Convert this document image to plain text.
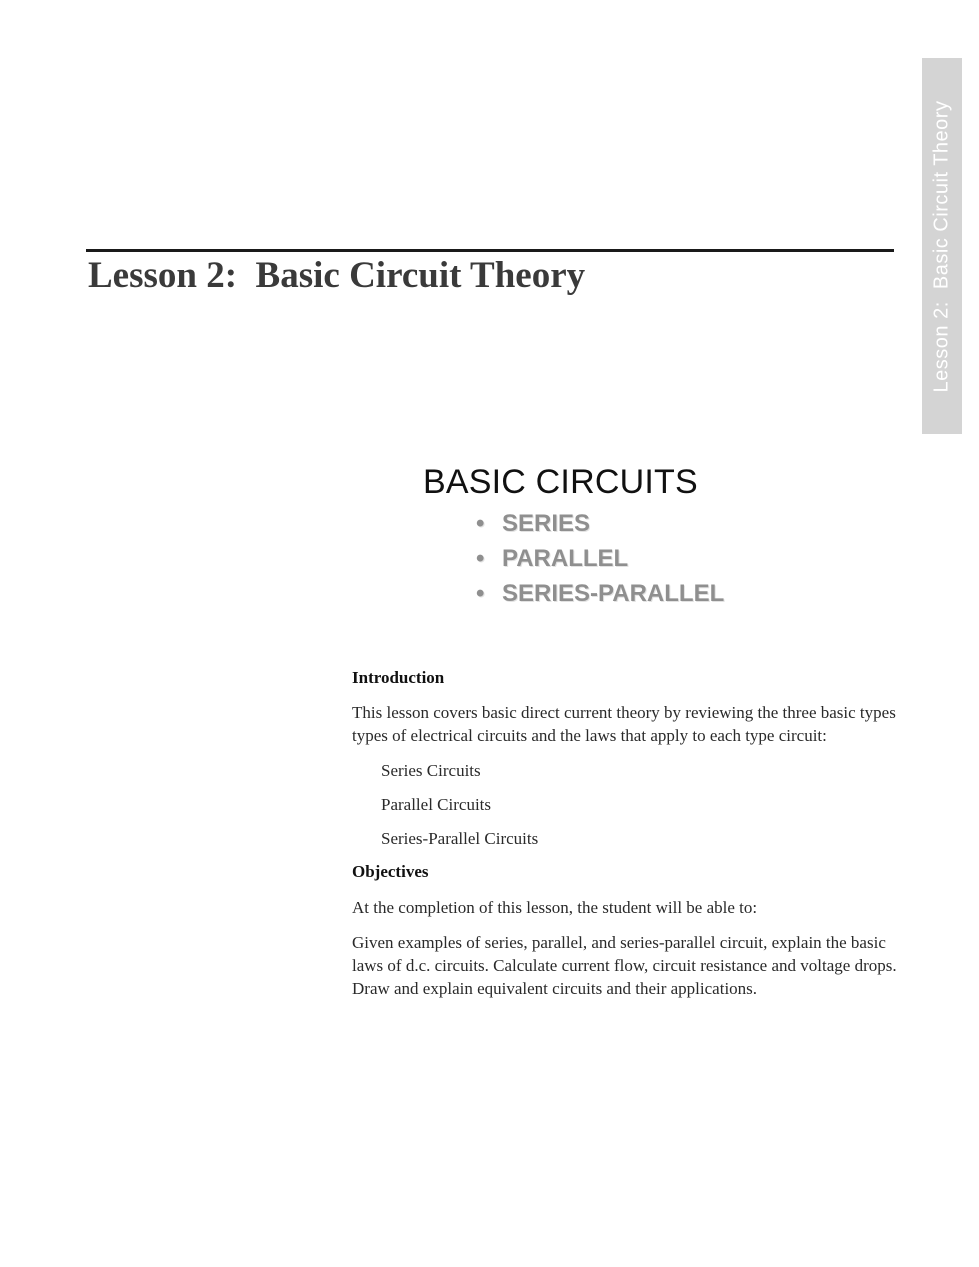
Lesson 2:  Basic Circuit Theory
Lesson 2:  Basic Circuit Theory
BASIC CIRCUITS
• SERIES
• PARALLEL
• SERIES-PARALLEL

Introduction

This lesson covers basic direct current theory by reviewing the three basic types types of electrical circuits and the laws that apply to each type circuit:

Series Circuits

Parallel Circuits

Series-Parallel Circuits

Objectives

At the completion of this lesson, the student will be able to:

Given examples of series, parallel, and series-parallel circuit, explain the basic laws of d.c. circuits. Calculate current flow, circuit resistance and voltage drops. Draw and explain equivalent circuits and their applications.
